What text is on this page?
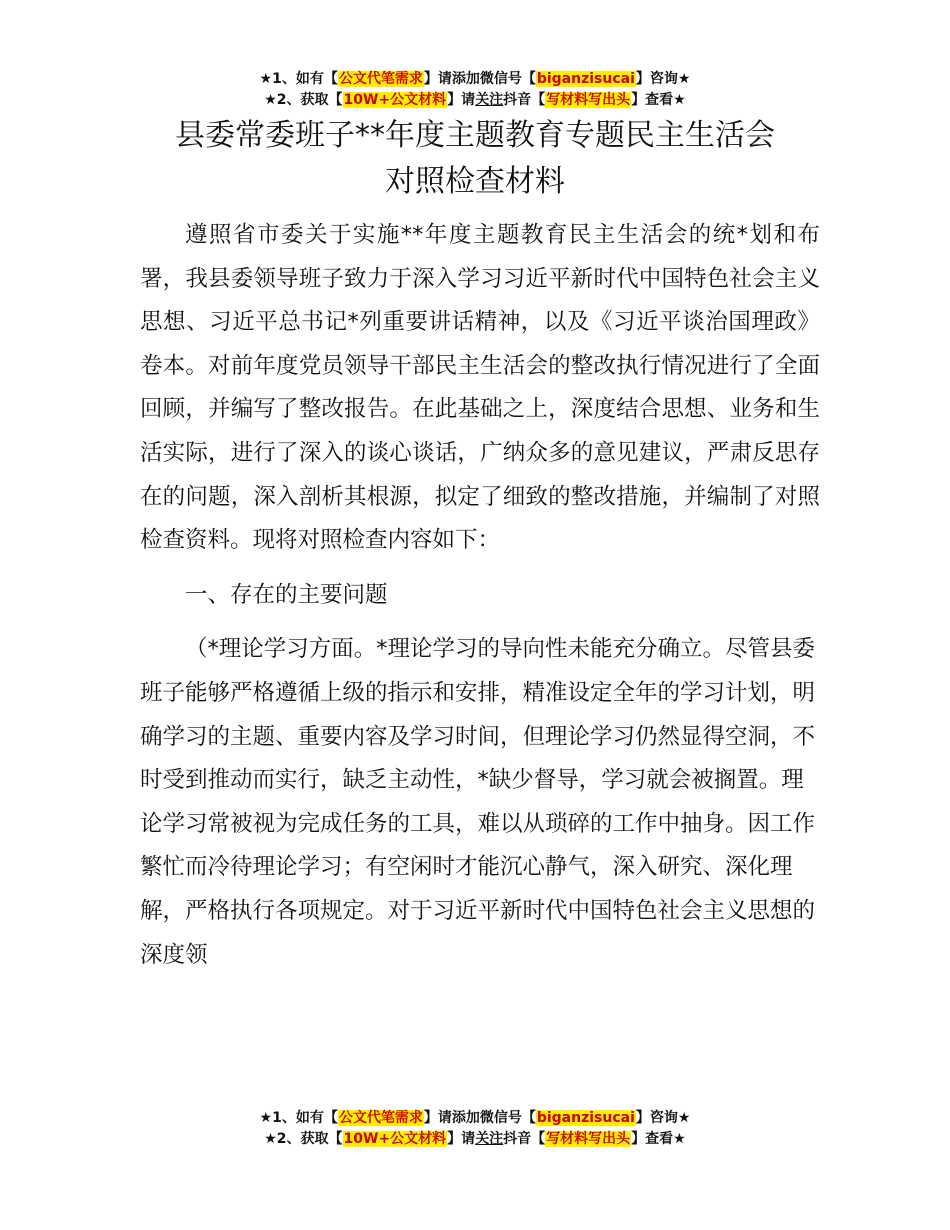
★1、如有【公文代笔需求】请添加微信号【biganzisucai】咨询★
★2、获取【10W+公文材料】请关注抖音【写材料写出头】查看★
县委常委班子**年度主题教育专题民主生活会
对照检查材料

遵照省市委关于实施**年度主题教育民主生活会的统*划和布署，我县委领导班子致力于深入学习习近平新时代中国特色社会主义思想、习近平总书记*列重要讲话精神，以及《习近平谈治国理政》卷本。对前年度党员领导干部民主生活会的整改执行情况进行了全面回顾，并编写了整改报告。在此基础之上，深度结合思想、业务和生活实际，进行了深入的谈心谈话，广纳众多的意见建议，严肃反思存在的问题，深入剖析其根源，拟定了细致的整改措施，并编制了对照检查资料。现将对照检查内容如下：

一、存在的主要问题

（*理论学习方面。*理论学习的导向性未能充分确立。尽管县委班子能够严格遵循上级的指示和安排，精准设定全年的学习计划，明确学习的主题、重要内容及学习时间，但理论学习仍然显得空洞，不时受到推动而实行，缺乏主动性，*缺少督导，学习就会被搁置。理论学习常被视为完成任务的工具，难以从琐碎的工作中抽身。因工作繁忙而冷待理论学习；有空闲时才能沉心静气，深入研究、深化理解，严格执行各项规定。对于习近平新时代中国特色社会主义思想的深度领

★1、如有【公文代笔需求】请添加微信号【biganzisucai】咨询★
★2、获取【10W+公文材料】请关注抖音【写材料写出头】查看★
